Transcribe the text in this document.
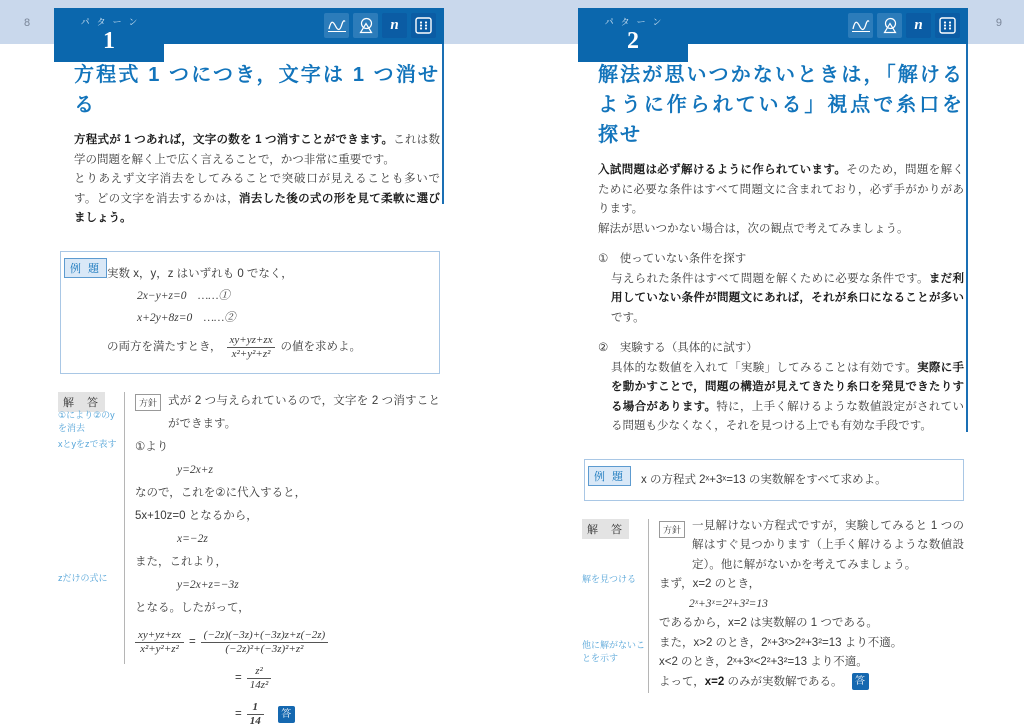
8	9
パターン
1
n
方程式 1 つにつき，文字は 1 つ消せる
方程式が 1 つあれば，文字の数を 1 つ消すことができます。これは数学の問題を解く上で広く言えることで，かつ非常に重要です。
とりあえず文字消去をしてみることで突破口が見えることも多いです。どの文字を消去するかは，消去した後の式の形を見て柔軟に選びましょう。
例 題 実数 x，y，z はいずれも 0 でなく，
2x−y+z=0　……①
x+2y+8z=0　……②
の両方を満たすとき， $\frac{xy+yz+zx}{\text{x²+y²+z²}}$ の値を求めよ。
解 答
①により②のyを消去
xとyをzで表す
zだけの式に
方針 式が 2 つ与えられているので，文字を 2 つ消すことができます。
①より
y=2x+z
なので，これを②に代入すると，
5x+10z=0 となるから，
x=−2z
また，これより，
y=2x+z=−3z
となる。したがって，
$\frac{xy+yz+zx}{\text{x²+y²+z²}} = \frac{(-2z)(-3z)+(-3z)z+z(-2z)}{\text{(−2z)²+(−3z)²+z²}}$
= $\frac{\text{z²}}{\text{14z²}}$
= $\frac{1}{14}$	答
パターン
2
n
解法が思いつかないときは，「解けるように作られている」視点で糸口を探せ
入試問題は必ず解けるように作られています。そのため，問題を解くために必要な条件はすべて問題文に含まれており，必ず手がかりがあります。
解法が思いつかない場合は，次の観点で考えてみましょう。
①　使っていない条件を探す
与えられた条件はすべて問題を解くために必要な条件です。まだ利用していない条件が問題文にあれば，それが糸口になることが多いです。
②　実験する（具体的に試す）
具体的な数値を入れて「実験」してみることは有効です。実際に手を動かすことで，問題の構造が見えてきたり糸口を発見できたりする場合があります。特に，上手く解けるような数値設定がされている問題も少なくなく，それを見つける上でも有効な手段です。
例 題	x の方程式 2ˣ+3ˣ=13 の実数解をすべて求めよ。
解 答
解を見つける
他に解がないことを示す
方針 一見解けない方程式ですが，実験してみると 1 つの解はすぐ見つかります（上手く解けるような数値設定）。他に解がないかを考えてみましょう。
まず，x=2 のとき，
2ˣ+3ˣ=2²+3²=13
であるから，x=2 は実数解の 1 つである。
また，x>2 のとき，2ˣ+3ˣ>2²+3²=13 より不適。
x<2 のとき，2ˣ+3ˣ<2²+3²=13 より不適。
よって，x=2 のみが実数解である。 答
